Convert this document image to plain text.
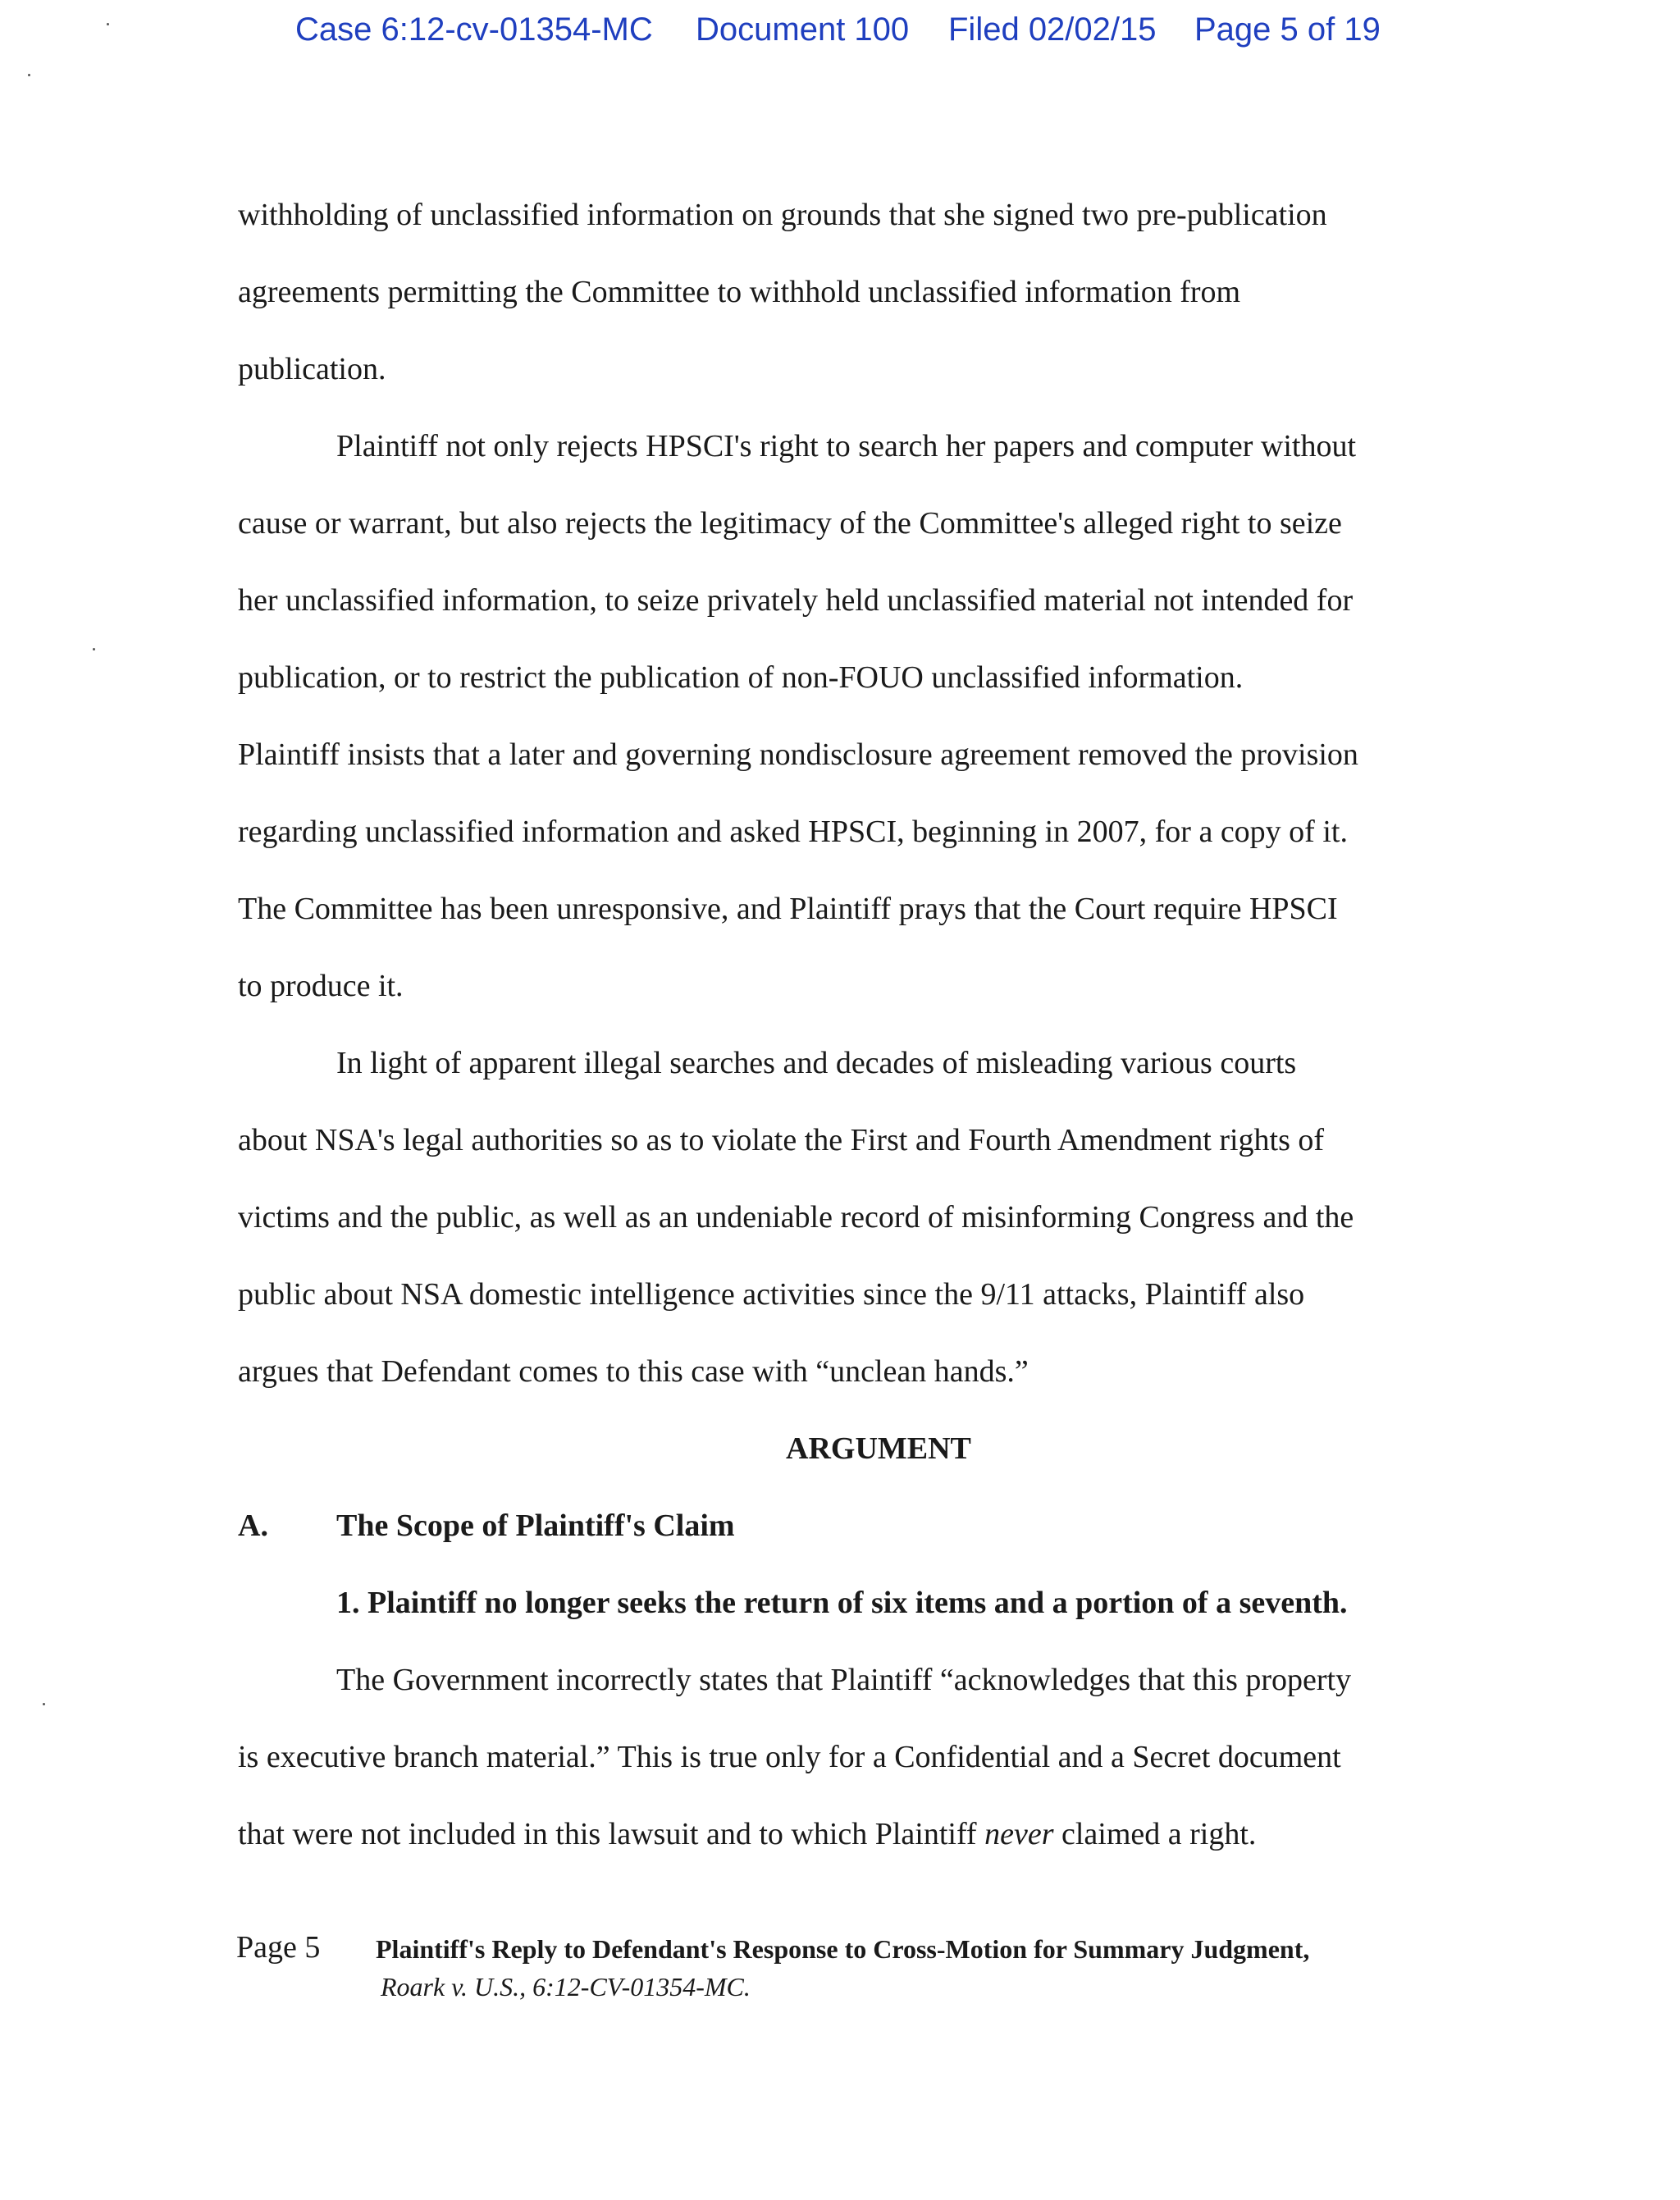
Case 6:12-cv-01354-MC Document 100 Filed 02/02/15 Page 5 of 19
withholding of unclassified information on grounds that she signed two pre-publication
agreements permitting the Committee to withhold unclassified information from
publication.
Plaintiff not only rejects HPSCI's right to search her papers and computer without
cause or warrant, but also rejects the legitimacy of the Committee's alleged right to seize
her unclassified information, to seize privately held unclassified material not intended for
publication, or to restrict the publication of non-FOUO unclassified information.
Plaintiff insists that a later and governing nondisclosure agreement removed the provision
regarding unclassified information and asked HPSCI, beginning in 2007, for a copy of it.
The Committee has been unresponsive, and Plaintiff prays that the Court require HPSCI
to produce it.
In light of apparent illegal searches and decades of misleading various courts
about NSA's legal authorities so as to violate the First and Fourth Amendment rights of
victims and the public, as well as an undeniable record of misinforming Congress and the
public about NSA domestic intelligence activities since the 9/11 attacks, Plaintiff also
argues that Defendant comes to this case with “unclean hands.”
ARGUMENT
A. The Scope of Plaintiff's Claim
1. Plaintiff no longer seeks the return of six items and a portion of a seventh.
The Government incorrectly states that Plaintiff “acknowledges that this property
is executive branch material.” This is true only for a Confidential and a Secret document
that were not included in this lawsuit and to which Plaintiff never claimed a right.
Page 5 Plaintiff's Reply to Defendant's Response to Cross-Motion for Summary Judgment,
Roark v. U.S., 6:12-CV-01354-MC.
